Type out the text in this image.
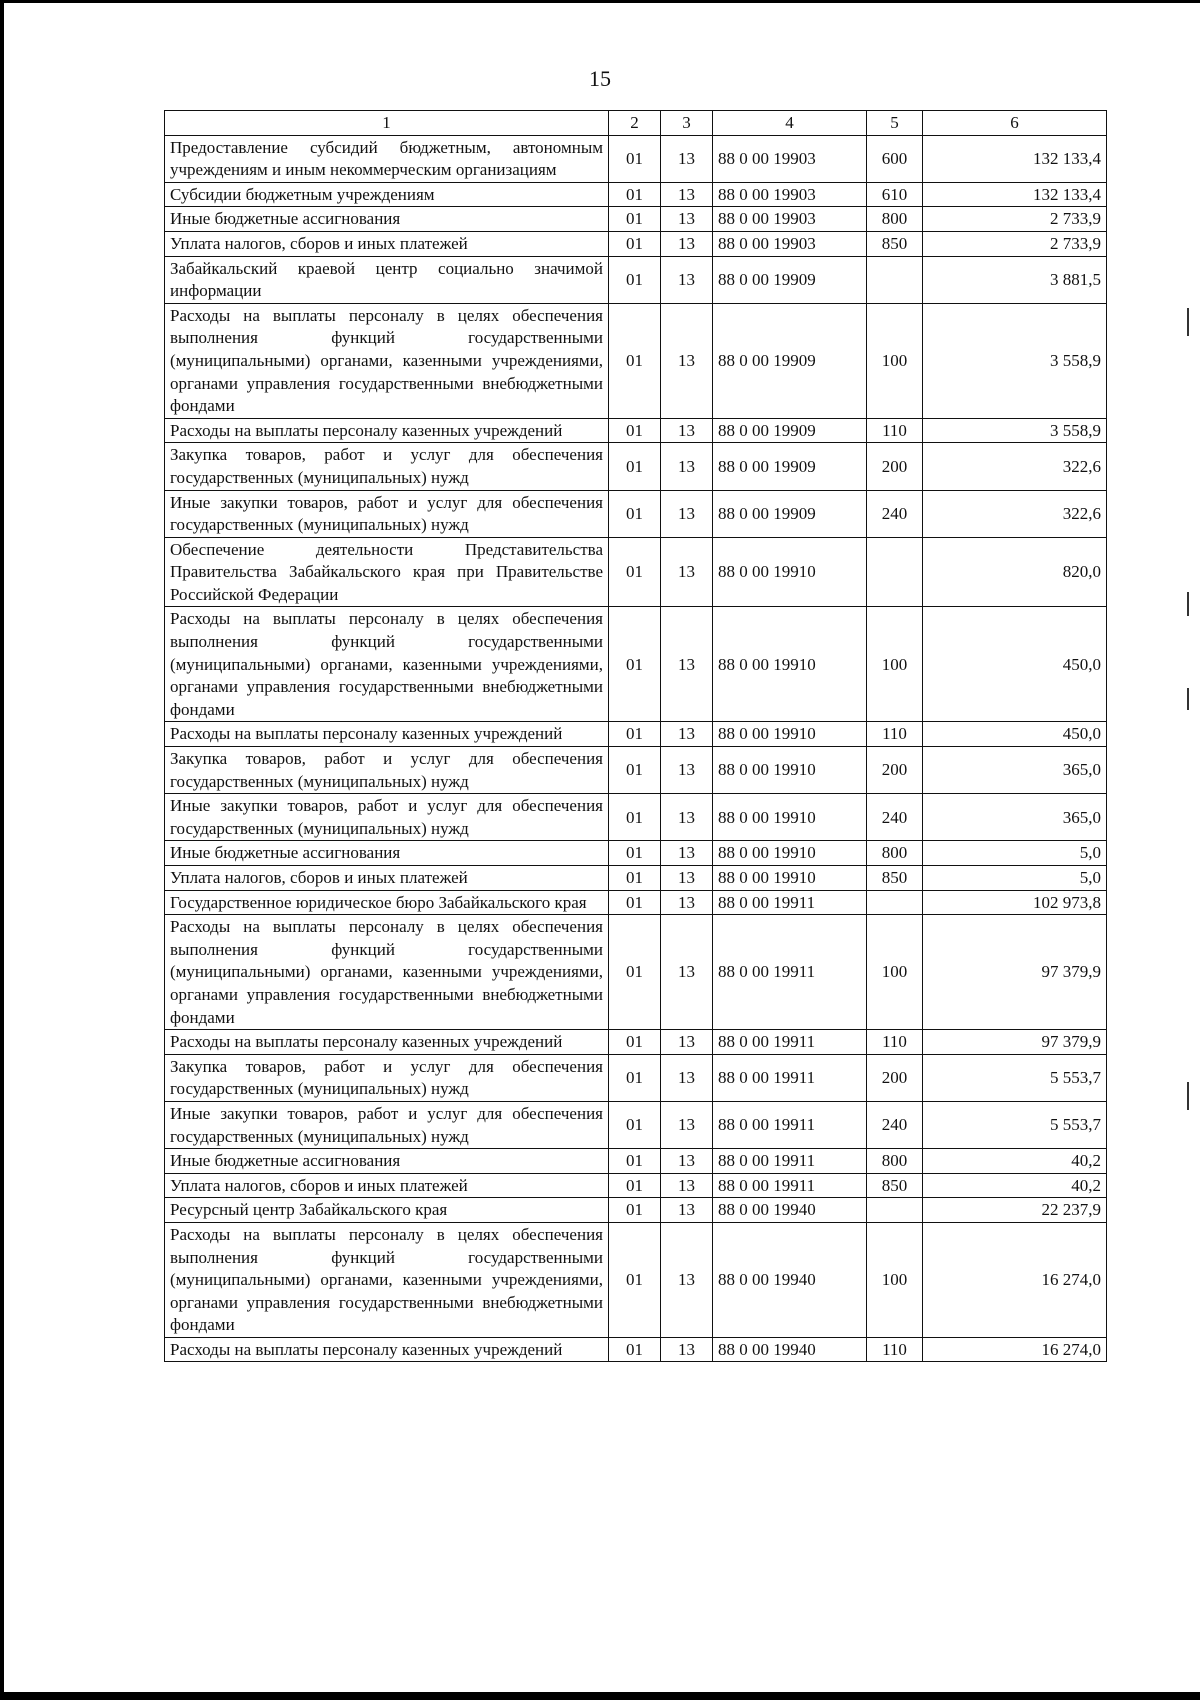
15
1	2	3	4	5	6
Предоставление субсидий бюджетным, автономным учреждениям и иным некоммерческим организациям	01	13	88 0 00 19903	600	132 133,4
Субсидии бюджетным учреждениям	01	13	88 0 00 19903	610	132 133,4
Иные бюджетные ассигнования	01	13	88 0 00 19903	800	2 733,9
Уплата налогов, сборов и иных платежей	01	13	88 0 00 19903	850	2 733,9
Забайкальский краевой центр социально значимой информации	01	13	88 0 00 19909		3 881,5
Расходы на выплаты персоналу в целях обеспечения выполнения функций государственными (муниципальными) органами, казенными учреждениями, органами управления государственными внебюджетными фондами	01	13	88 0 00 19909	100	3 558,9
Расходы на выплаты персоналу казенных учреждений	01	13	88 0 00 19909	110	3 558,9
Закупка товаров, работ и услуг для обеспечения государственных (муниципальных) нужд	01	13	88 0 00 19909	200	322,6
Иные закупки товаров, работ и услуг для обеспечения государственных (муниципальных) нужд	01	13	88 0 00 19909	240	322,6
Обеспечение деятельности Представительства Правительства Забайкальского края при Правительстве Российской Федерации	01	13	88 0 00 19910		820,0
Расходы на выплаты персоналу в целях обеспечения выполнения функций государственными (муниципальными) органами, казенными учреждениями, органами управления государственными внебюджетными фондами	01	13	88 0 00 19910	100	450,0
Расходы на выплаты персоналу казенных учреждений	01	13	88 0 00 19910	110	450,0
Закупка товаров, работ и услуг для обеспечения государственных (муниципальных) нужд	01	13	88 0 00 19910	200	365,0
Иные закупки товаров, работ и услуг для обеспечения государственных (муниципальных) нужд	01	13	88 0 00 19910	240	365,0
Иные бюджетные ассигнования	01	13	88 0 00 19910	800	5,0
Уплата налогов, сборов и иных платежей	01	13	88 0 00 19910	850	5,0
Государственное юридическое бюро Забайкальского края	01	13	88 0 00 19911		102 973,8
Расходы на выплаты персоналу в целях обеспечения выполнения функций государственными (муниципальными) органами, казенными учреждениями, органами управления государственными внебюджетными фондами	01	13	88 0 00 19911	100	97 379,9
Расходы на выплаты персоналу казенных учреждений	01	13	88 0 00 19911	110	97 379,9
Закупка товаров, работ и услуг для обеспечения государственных (муниципальных) нужд	01	13	88 0 00 19911	200	5 553,7
Иные закупки товаров, работ и услуг для обеспечения государственных (муниципальных) нужд	01	13	88 0 00 19911	240	5 553,7
Иные бюджетные ассигнования	01	13	88 0 00 19911	800	40,2
Уплата налогов, сборов и иных платежей	01	13	88 0 00 19911	850	40,2
Ресурсный центр Забайкальского края	01	13	88 0 00 19940		22 237,9
Расходы на выплаты персоналу в целях обеспечения выполнения функций государственными (муниципальными) органами, казенными учреждениями, органами управления государственными внебюджетными фондами	01	13	88 0 00 19940	100	16 274,0
Расходы на выплаты персоналу казенных учреждений	01	13	88 0 00 19940	110	16 274,0
